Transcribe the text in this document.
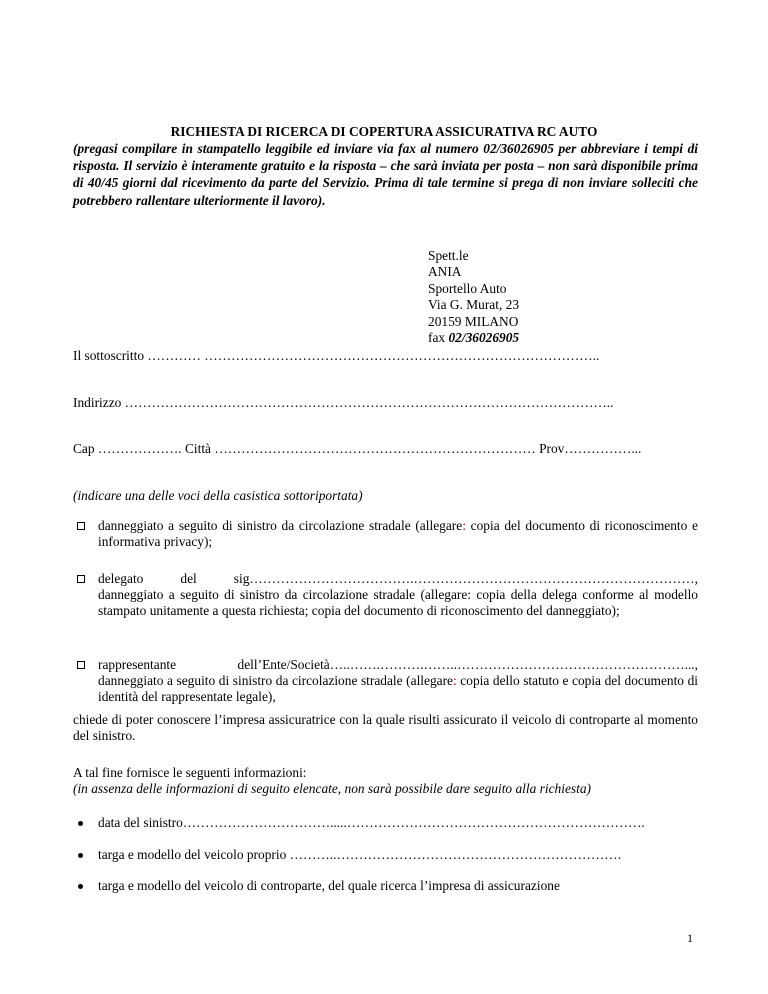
RICHIESTA DI RICERCA DI COPERTURA ASSICURATIVA RC AUTO
(pregasi compilare in stampatello leggibile ed inviare via fax al numero 02/36026905 per abbreviare i tempi di risposta. Il servizio è interamente gratuito e la risposta – che sarà inviata per posta – non sarà disponibile prima di 40/45 giorni dal ricevimento da parte del Servizio. Prima di tale termine si prega di non inviare solleciti che potrebbero rallentare ulteriormente il lavoro).
Spett.le
ANIA
Sportello Auto
Via G. Murat, 23
20159 MILANO
fax 02/36026905
Il sottoscritto ………… ……………………………………………………………………………..
Indirizzo ………………………………………………………………………………………………..
Cap ………………. Città ……………………………………………………………… Prov……………...
(indicare una delle voci della casistica sottoriportata)
danneggiato a seguito di sinistro da circolazione stradale (allegare: copia del documento di riconoscimento e informativa privacy);
delegato del sig……………………………….………………………………………………………, danneggiato a seguito di sinistro da circolazione stradale (allegare: copia della delega conforme al modello stampato unitamente a questa richiesta; copia del documento di riconoscimento del danneggiato);
rappresentante dell’Ente/Società…..…….……….……..……………………………………………..., danneggiato a seguito di sinistro da circolazione stradale (allegare: copia dello statuto e copia del documento di identità del rappresentate legale),
chiede di poter conoscere l’impresa assicuratrice con la quale risulti assicurato il veicolo di controparte al momento del sinistro.
A tal fine fornisce le seguenti informazioni:
(in assenza delle informazioni di seguito elencate, non sarà possibile dare seguito alla richiesta)
data del sinistro…………………………….....………………………………………………………….
targa e modello del veicolo proprio ………..……………………………………………………….
targa e modello del veicolo di controparte, del quale ricerca l’impresa di assicurazione
1
